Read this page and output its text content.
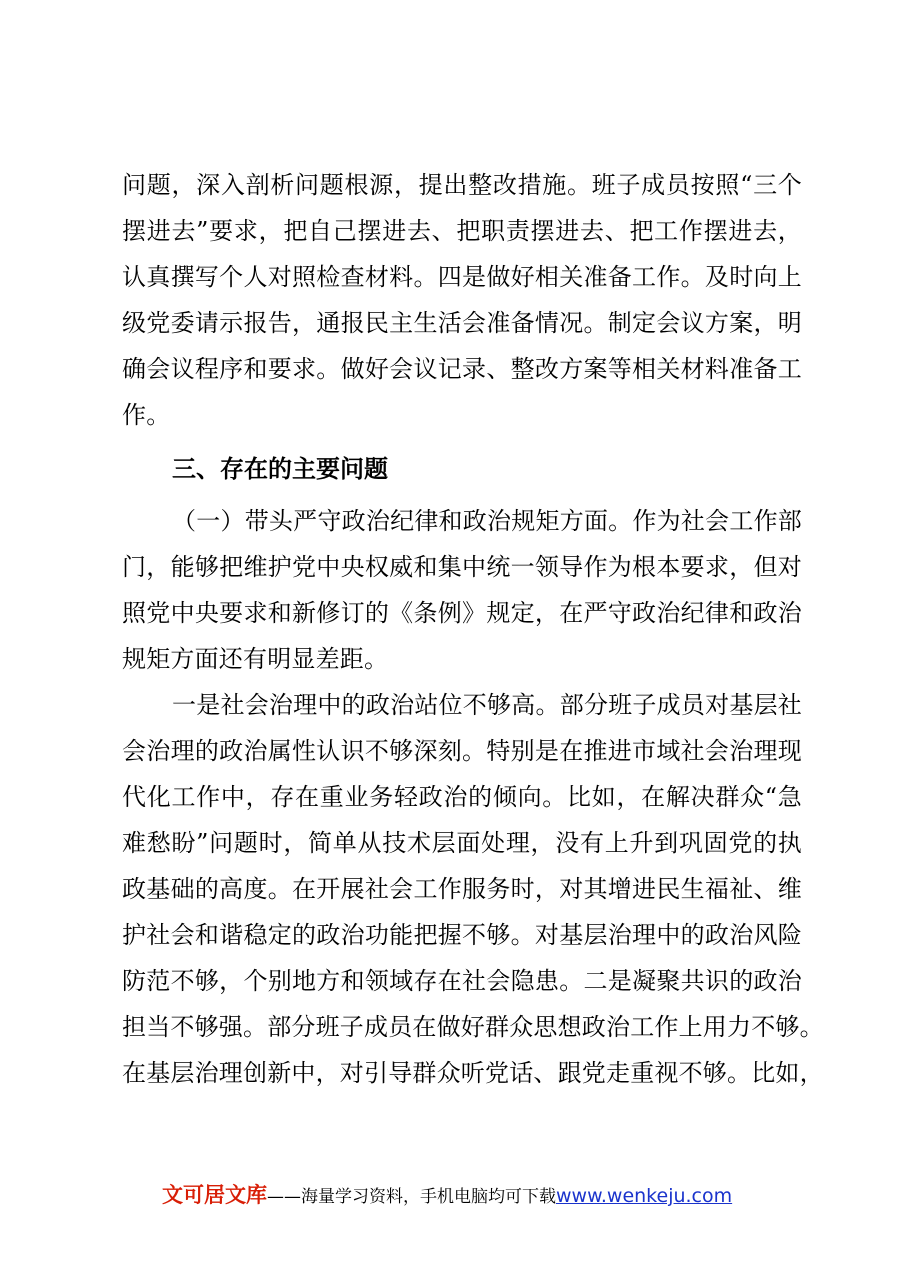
问题，深入剖析问题根源，提出整改措施。班子成员按照“三个
摆进去”要求，把自己摆进去、把职责摆进去、把工作摆进去，
认真撰写个人对照检查材料。四是做好相关准备工作。及时向上
级党委请示报告，通报民主生活会准备情况。制定会议方案，明
确会议程序和要求。做好会议记录、整改方案等相关材料准备工
作。
三、存在的主要问题
（一）带头严守政治纪律和政治规矩方面。作为社会工作部
门，能够把维护党中央权威和集中统一领导作为根本要求，但对
照党中央要求和新修订的《条例》规定，在严守政治纪律和政治
规矩方面还有明显差距。
一是社会治理中的政治站位不够高。部分班子成员对基层社
会治理的政治属性认识不够深刻。特别是在推进市域社会治理现
代化工作中，存在重业务轻政治的倾向。比如，在解决群众“急
难愁盼”问题时，简单从技术层面处理，没有上升到巩固党的执
政基础的高度。在开展社会工作服务时，对其增进民生福祉、维
护社会和谐稳定的政治功能把握不够。对基层治理中的政治风险
防范不够，个别地方和领域存在社会隐患。二是凝聚共识的政治
担当不够强。部分班子成员在做好群众思想政治工作上用力不够。
在基层治理创新中，对引导群众听党话、跟党走重视不够。比如，
文可居文库——海量学习资料，手机电脑均可下载www.wenkeju.com
